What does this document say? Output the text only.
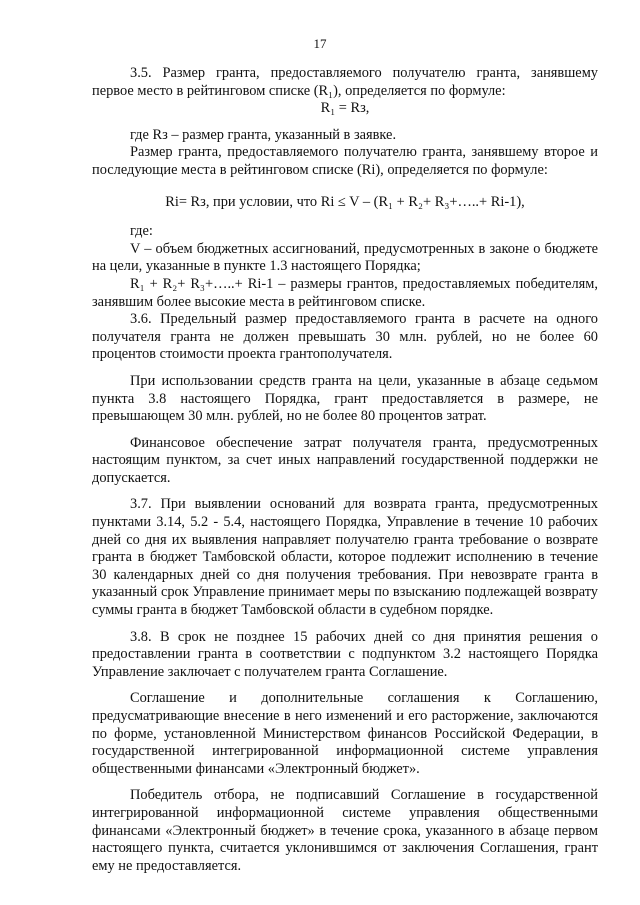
17

3.5. Размер гранта, предоставляемого получателю гранта, занявшему первое место в рейтинговом списке (R₁), определяется по формуле:

R₁ = Rз,

где Rз – размер гранта, указанный в заявке.

Размер гранта, предоставляемого получателю гранта, занявшему второе и последующие места в рейтинговом списке (Ri), определяется по формуле:

Ri= Rз, при условии, что Ri ≤ V – (R₁ + R₂+ R₃+…..+ Ri-1),

где:

V – объем бюджетных ассигнований, предусмотренных в законе о бюджете на цели, указанные в пункте 1.3 настоящего Порядка;

R₁ + R₂+ R₃+…..+ Ri-1 – размеры грантов, предоставляемых победителям, занявшим более высокие места в рейтинговом списке.

3.6. Предельный размер предоставляемого гранта в расчете на одного получателя гранта не должен превышать 30 млн. рублей, но не более 60 процентов стоимости проекта грантополучателя.

При использовании средств гранта на цели, указанные в абзаце седьмом пункта 3.8 настоящего Порядка, грант предоставляется в размере, не превышающем 30 млн. рублей, но не более 80 процентов затрат.

Финансовое обеспечение затрат получателя гранта, предусмотренных настоящим пунктом, за счет иных направлений государственной поддержки не допускается.

3.7. При выявлении оснований для возврата гранта, предусмотренных пунктами 3.14, 5.2 - 5.4, настоящего Порядка, Управление в течение 10 рабочих дней со дня их выявления направляет получателю гранта требование о возврате гранта в бюджет Тамбовской области, которое подлежит исполнению в течение 30 календарных дней со дня получения требования. При невозврате гранта в указанный срок Управление принимает меры по взысканию подлежащей возврату суммы гранта в бюджет Тамбовской области в судебном порядке.

3.8. В срок не позднее 15 рабочих дней со дня принятия решения о предоставлении гранта в соответствии с подпунктом 3.2 настоящего Порядка Управление заключает с получателем гранта Соглашение.

Соглашение и дополнительные соглашения к Соглашению, предусматривающие внесение в него изменений и его расторжение, заключаются по форме, установленной Министерством финансов Российской Федерации, в государственной интегрированной информационной системе управления общественными финансами «Электронный бюджет».

Победитель отбора, не подписавший Соглашение в государственной интегрированной информационной системе управления общественными финансами «Электронный бюджет» в течение срока, указанного в абзаце первом настоящего пункта, считается уклонившимся от заключения Соглашения, грант ему не предоставляется.
